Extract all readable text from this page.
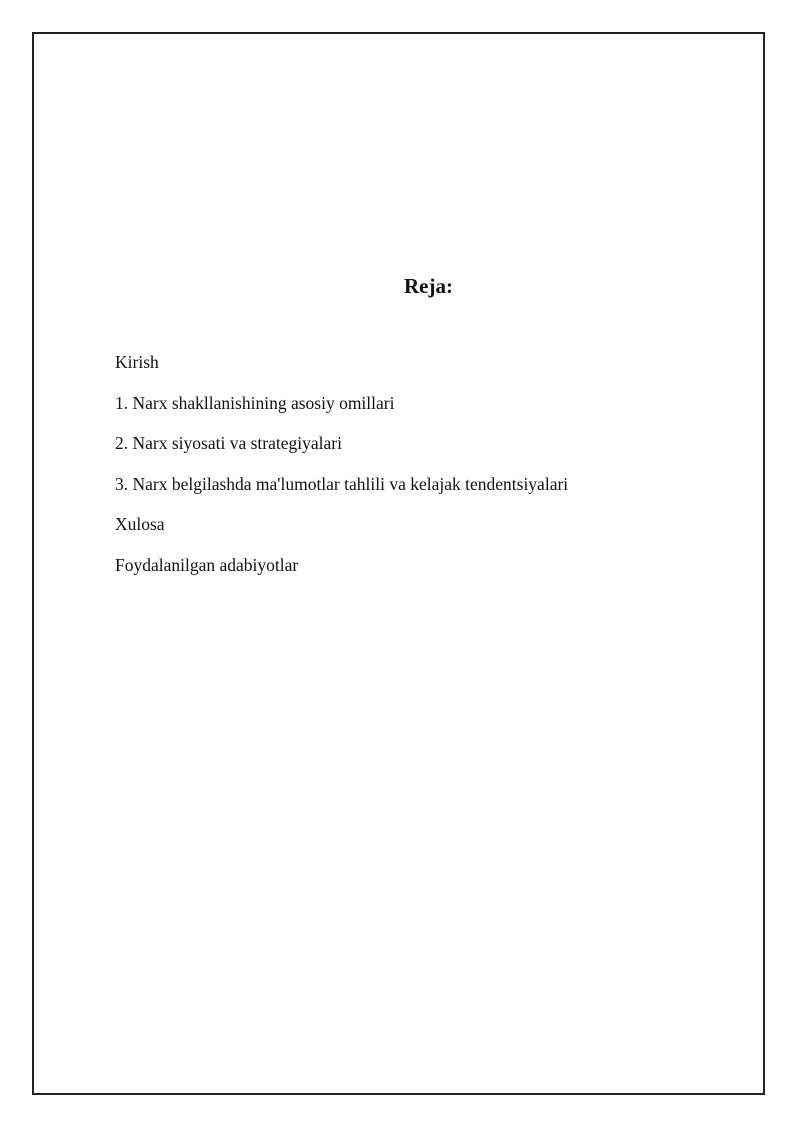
Reja:
Kirish
1. Narx shakllanishining asosiy omillari
2. Narx siyosati va strategiyalari
3. Narx belgilashda ma'lumotlar tahlili va kelajak tendentsiyalari
Xulosa
Foydalanilgan adabiyotlar
